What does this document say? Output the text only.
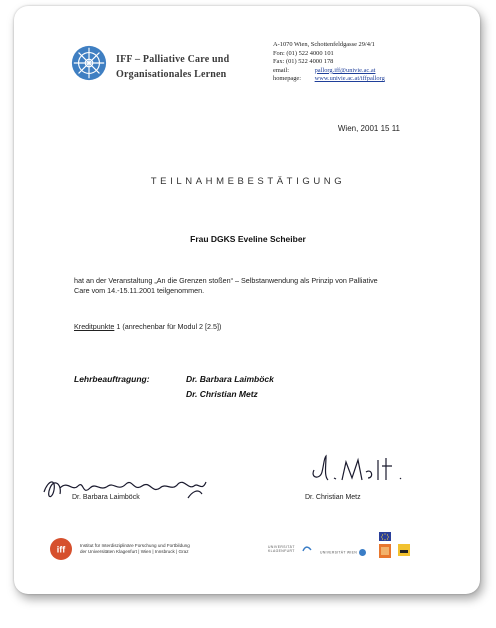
IFF – Palliative Care und
Organisationales Lernen
A-1070 Wien, Schottenfeldgasse 29/4/1
Fon: (01) 522 4000 101
Fax: (01) 522 4000 178
email:	pallorg.iff@univie.ac.at
homepage: www.univie.ac.at/iffpallorg
Wien, 2001 15 11
TEILNAHMEBESTÄTIGUNG
Frau DGKS Eveline Scheiber
hat an der Veranstaltung „An die Grenzen stoßen“ – Selbstanwendung als Prinzip von Palliative Care vom 14.-15.11.2001 teilgenommen.
Kreditpunkte 1 (anrechenbar für Modul 2 [2.5])
Lehrbeauftragung:	Dr. Barbara Laimböck
Dr. Christian Metz
Dr. Barbara Laimböck	Dr. Christian Metz
iff	Institut für Interdisziplinäre Forschung und Fortbildung
der Universitäten Klagenfurt | Wien | Innsbruck | Graz
UNIVERSITÄT
KLAGENFURT	UNIVERSITÄT WIEN
